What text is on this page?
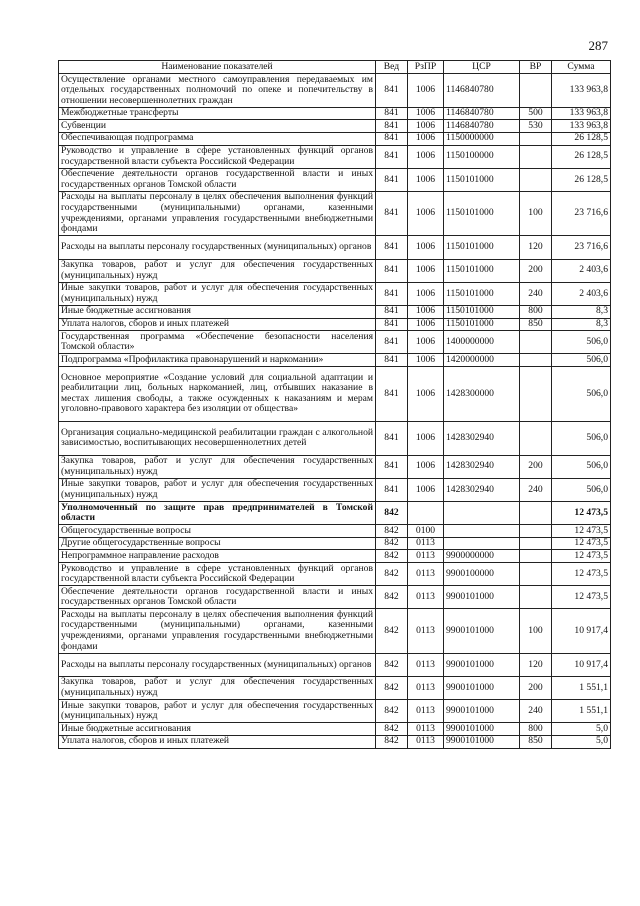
287
Наименование показателей	Вед	РзПР	ЦСР	ВР	Сумма
Осуществление органами местного самоуправления передаваемых им отдельных государственных полномочий по опеке и попечительству в отношении несовершеннолетних граждан	841	1006	1146840780		133 963,8
Межбюджетные трансферты	841	1006	1146840780	500	133 963,8
Субвенции	841	1006	1146840780	530	133 963,8
Обеспечивающая подпрограмма	841	1006	1150000000		26 128,5
Руководство и управление в сфере установленных функций органов государственной власти субъекта Российской Федерации	841	1006	1150100000		26 128,5
Обеспечение деятельности органов государственной власти и иных государственных органов Томской области	841	1006	1150101000		26 128,5
Расходы на выплаты персоналу в целях обеспечения выполнения функций государственными (муниципальными) органами, казенными учреждениями, органами управления государственными внебюджетными фондами	841	1006	1150101000	100	23 716,6
Расходы на выплаты персоналу государственных (муниципальных) органов	841	1006	1150101000	120	23 716,6
Закупка товаров, работ и услуг для обеспечения государственных (муниципальных) нужд	841	1006	1150101000	200	2 403,6
Иные закупки товаров, работ и услуг для обеспечения государственных (муниципальных) нужд	841	1006	1150101000	240	2 403,6
Иные бюджетные ассигнования	841	1006	1150101000	800	8,3
Уплата налогов, сборов и иных платежей	841	1006	1150101000	850	8,3
Государственная программа «Обеспечение безопасности населения Томской области»	841	1006	1400000000		506,0
Подпрограмма «Профилактика правонарушений и наркомании»	841	1006	1420000000		506,0
Основное мероприятие «Создание условий для социальной адаптации и реабилитации лиц, больных наркоманией, лиц, отбывших наказание в местах лишения свободы, а также осужденных к наказаниям и мерам уголовно-правового характера без изоляции от общества»	841	1006	1428300000		506,0
Организация социально-медицинской реабилитации граждан с алкогольной зависимостью, воспитывающих несовершеннолетних детей	841	1006	1428302940		506,0
Закупка товаров, работ и услуг для обеспечения государственных (муниципальных) нужд	841	1006	1428302940	200	506,0
Иные закупки товаров, работ и услуг для обеспечения государственных (муниципальных) нужд	841	1006	1428302940	240	506,0
Уполномоченный по защите прав предпринимателей в Томской области	842				12 473,5
Общегосударственные вопросы	842	0100			12 473,5
Другие общегосударственные вопросы	842	0113			12 473,5
Непрограммное направление расходов	842	0113	9900000000		12 473,5
Руководство и управление в сфере установленных функций органов государственной власти субъекта Российской Федерации	842	0113	9900100000		12 473,5
Обеспечение деятельности органов государственной власти и иных государственных органов Томской области	842	0113	9900101000		12 473,5
Расходы на выплаты персоналу в целях обеспечения выполнения функций государственными (муниципальными) органами, казенными учреждениями, органами управления государственными внебюджетными фондами	842	0113	9900101000	100	10 917,4
Расходы на выплаты персоналу государственных (муниципальных) органов	842	0113	9900101000	120	10 917,4
Закупка товаров, работ и услуг для обеспечения государственных (муниципальных) нужд	842	0113	9900101000	200	1 551,1
Иные закупки товаров, работ и услуг для обеспечения государственных (муниципальных) нужд	842	0113	9900101000	240	1 551,1
Иные бюджетные ассигнования	842	0113	9900101000	800	5,0
Уплата налогов, сборов и иных платежей	842	0113	9900101000	850	5,0
